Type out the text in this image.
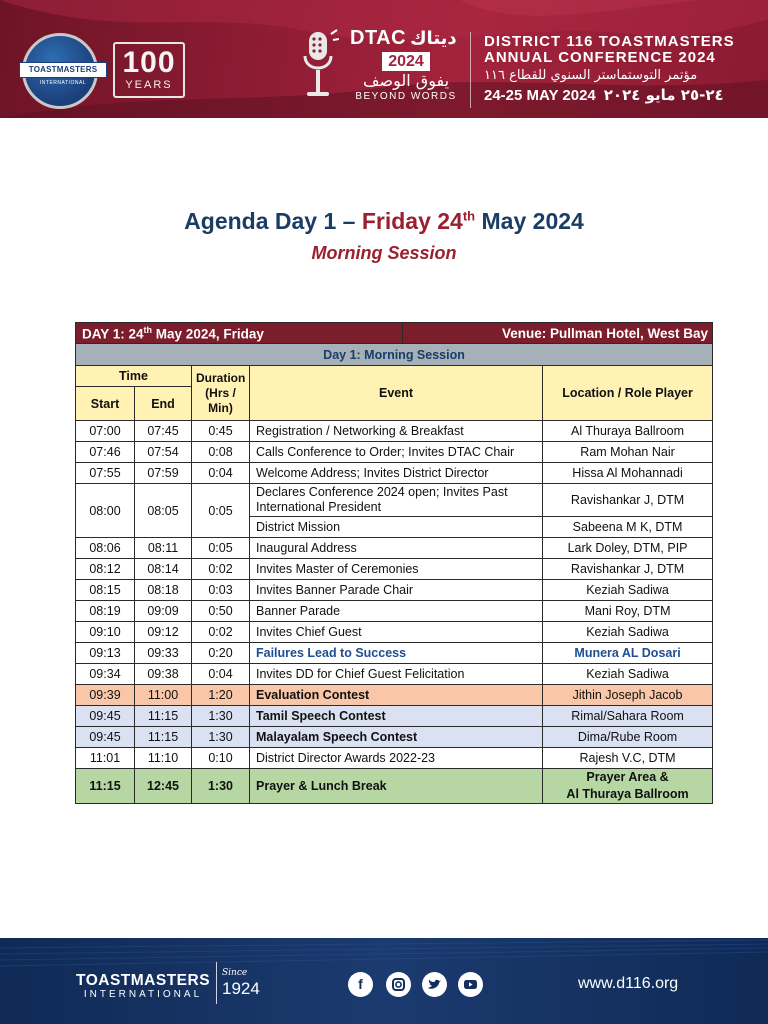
TOASTMASTERS
INTERNATIONAL
100
YEARS
DTAC ديتاك
2024
يفوق الوصف
BEYOND WORDS
DISTRICT 116 TOASTMASTERS
ANNUAL CONFERENCE 2024
مؤتمر التوستماستر السنوي للقطاع ١١٦
24-25 MAY 2024 ٢٤-٢٥ مايو ٢٠٢٤
Agenda Day 1 – Friday 24th May 2024
Morning Session
DAY 1: 24th May 2024, Friday				Venue: Pullman Hotel, West Bay	
Day 1: Morning Session					
Time		Duration
(Hrs / Min)	Event		Location / Role Player
Start	End				
07:00	07:45	0:45	Registration / Networking & Breakfast		Al Thuraya Ballroom
07:46	07:54	0:08	Calls Conference to Order; Invites DTAC Chair		Ram Mohan Nair
07:55	07:59	0:04	Welcome Address; Invites District Director		Hissa Al Mohannadi
08:00	08:05	0:05	Declares Conference 2024 open; Invites Past International President		Ravishankar J, DTM
			District Mission		Sabeena M K, DTM
08:06	08:11	0:05	Inaugural Address		Lark Doley, DTM, PIP
08:12	08:14	0:02	Invites Master of Ceremonies		Ravishankar J, DTM
08:15	08:18	0:03	Invites Banner Parade Chair		Keziah Sadiwa
08:19	09:09	0:50	Banner Parade		Mani Roy, DTM
09:10	09:12	0:02	Invites Chief Guest		Keziah Sadiwa
09:13	09:33	0:20	Failures Lead to Success		Munera AL Dosari
09:34	09:38	0:04	Invites DD for Chief Guest Felicitation		Keziah Sadiwa
09:39	11:00	1:20	Evaluation Contest		Jithin Joseph Jacob
09:45	11:15	1:30	Tamil Speech Contest		Rimal/Sahara Room
09:45	11:15	1:30	Malayalam Speech Contest		Dima/Rube Room
11:01	11:10	0:10	District Director Awards 2022-23		Rajesh V.C, DTM
11:15	12:45	1:30	Prayer & Lunch Break		Prayer Area &
Al Thuraya Ballroom
TOASTMASTERS
INTERNATIONAL
Since
1924	f	www.d116.org
